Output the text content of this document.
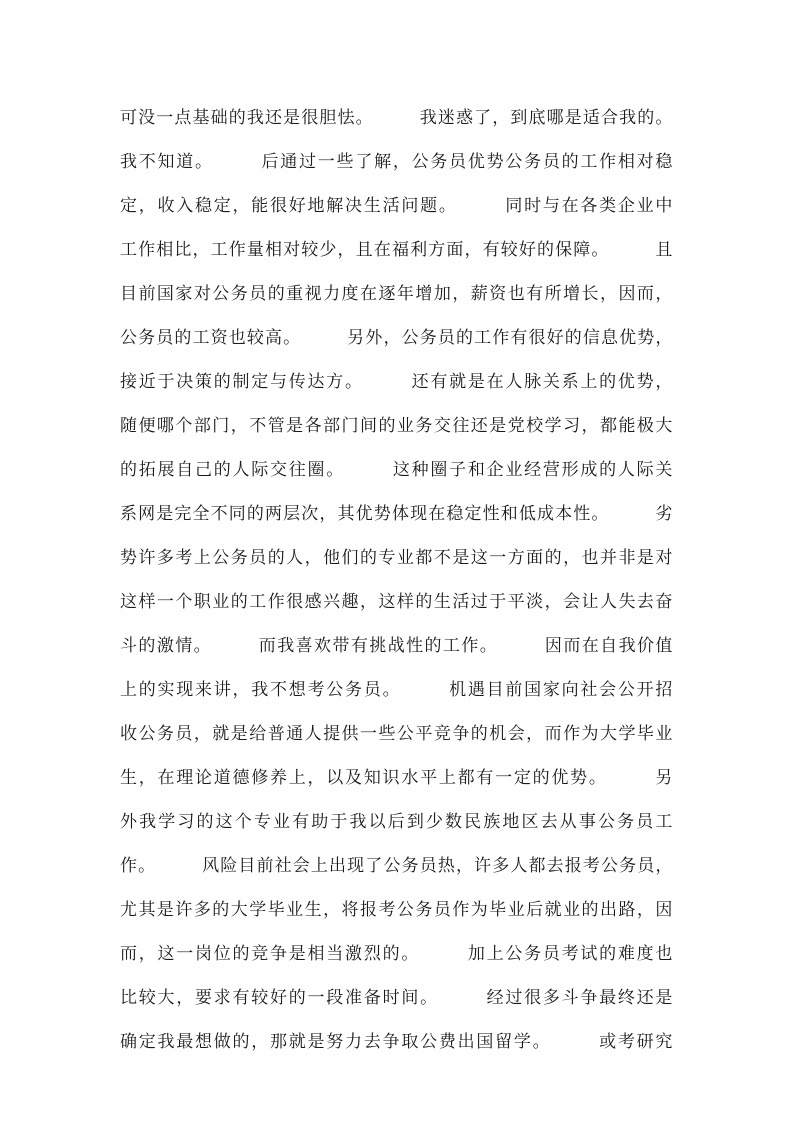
可没一点基础的我还是很胆怯。　　　我迷惑了，到底哪是适合我的。
我不知道。　　　后通过一些了解，公务员优势公务员的工作相对稳
定，收入稳定，能很好地解决生活问题。　　　同时与在各类企业中
工作相比，工作量相对较少，且在福利方面，有较好的保障。　　　且
目前国家对公务员的重视力度在逐年增加，薪资也有所增长，因而，
公务员的工资也较高。　　　另外，公务员的工作有很好的信息优势，
接近于决策的制定与传达方。　　　还有就是在人脉关系上的优势，
随便哪个部门，不管是各部门间的业务交往还是党校学习，都能极大
的拓展自己的人际交往圈。　　　这种圈子和企业经营形成的人际关
系网是完全不同的两层次，其优势体现在稳定性和低成本性。　　　劣
势许多考上公务员的人，他们的专业都不是这一方面的，也并非是对
这样一个职业的工作很感兴趣，这样的生活过于平淡，会让人失去奋
斗的激情。　　　而我喜欢带有挑战性的工作。　　　因而在自我价值
上的实现来讲，我不想考公务员。　　　机遇目前国家向社会公开招
收公务员，就是给普通人提供一些公平竞争的机会，而作为大学毕业
生，在理论道德修养上，以及知识水平上都有一定的优势。　　　另
外我学习的这个专业有助于我以后到少数民族地区去从事公务员工
作。　　　风险目前社会上出现了公务员热，许多人都去报考公务员，
尤其是许多的大学毕业生，将报考公务员作为毕业后就业的出路，因
而，这一岗位的竞争是相当激烈的。　　　加上公务员考试的难度也
比较大，要求有较好的一段准备时间。　　　经过很多斗争最终还是
确定我最想做的，那就是努力去争取公费出国留学。　　　或考研究
